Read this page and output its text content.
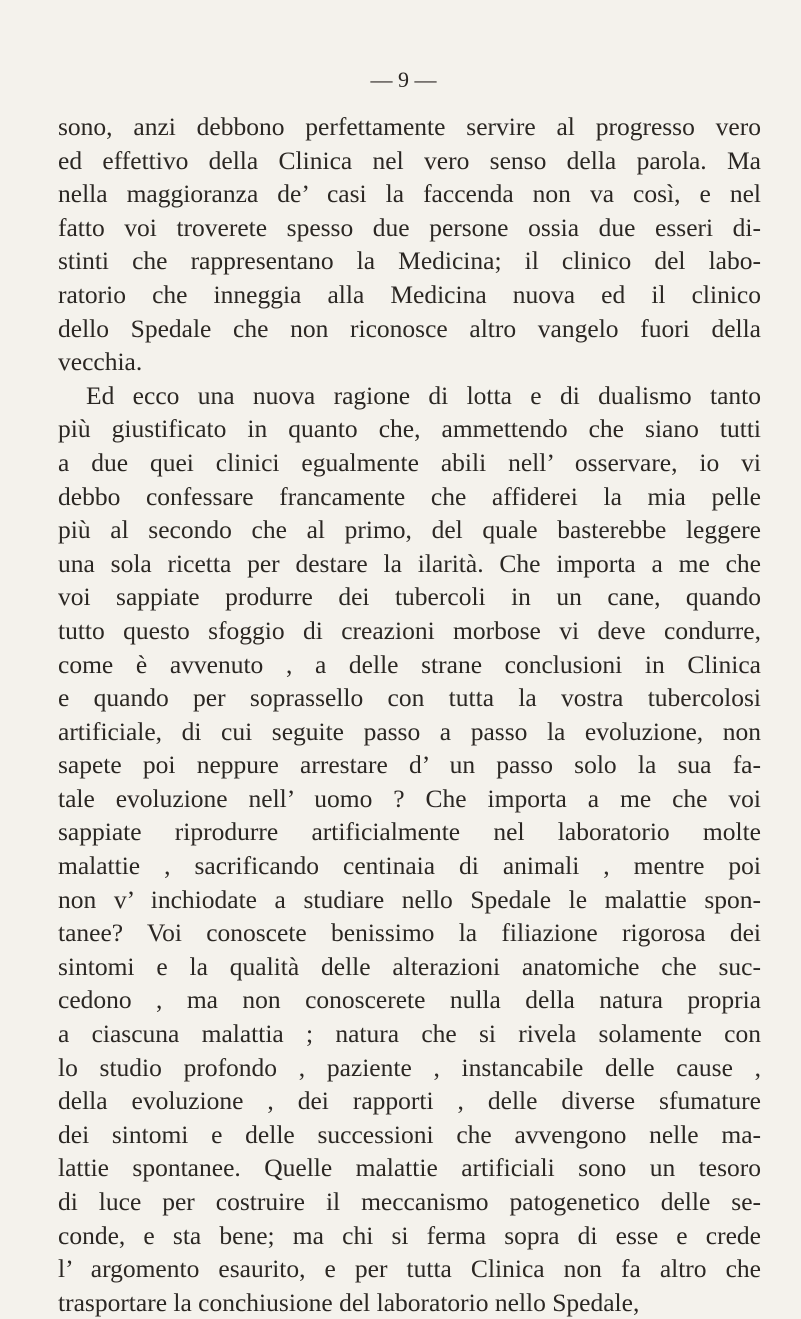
— 9 —
sono, anzi debbono perfettamente servire al progresso vero
ed effettivo della Clinica nel vero senso della parola. Ma
nella maggioranza de’ casi la faccenda non va così, e nel
fatto voi troverete spesso due persone ossia due esseri di-
stinti che rappresentano la Medicina; il clinico del labo-
ratorio che inneggia alla Medicina nuova ed il clinico
dello Spedale che non riconosce altro vangelo fuori della
vecchia.
Ed ecco una nuova ragione di lotta e di dualismo tanto
più giustificato in quanto che, ammettendo che siano tutti
a due quei clinici egualmente abili nell’ osservare, io vi
debbo confessare francamente che affiderei la mia pelle
più al secondo che al primo, del quale basterebbe leggere
una sola ricetta per destare la ilarità. Che importa a me che
voi sappiate produrre dei tubercoli in un cane, quando
tutto questo sfoggio di creazioni morbose vi deve condurre,
come è avvenuto , a delle strane conclusioni in Clinica
e quando per soprassello con tutta la vostra tubercolosi
artificiale, di cui seguite passo a passo la evoluzione, non
sapete poi neppure arrestare d’ un passo solo la sua fa-
tale evoluzione nell’ uomo ? Che importa a me che voi
sappiate riprodurre artificialmente nel laboratorio molte
malattie , sacrificando centinaia di animali , mentre poi
non v’ inchiodate a studiare nello Spedale le malattie spon-
tanee? Voi conoscete benissimo la filiazione rigorosa dei
sintomi e la qualità delle alterazioni anatomiche che suc-
cedono , ma non conoscerete nulla della natura propria
a ciascuna malattia ; natura che si rivela solamente con
lo studio profondo , paziente , instancabile delle cause ,
della evoluzione , dei rapporti , delle diverse sfumature
dei sintomi e delle successioni che avvengono nelle ma-
lattie spontanee. Quelle malattie artificiali sono un tesoro
di luce per costruire il meccanismo patogenetico delle se-
conde, e sta bene; ma chi si ferma sopra di esse e crede
l’ argomento esaurito, e per tutta Clinica non fa altro che
trasportare la conchiusione del laboratorio nello Spedale,
